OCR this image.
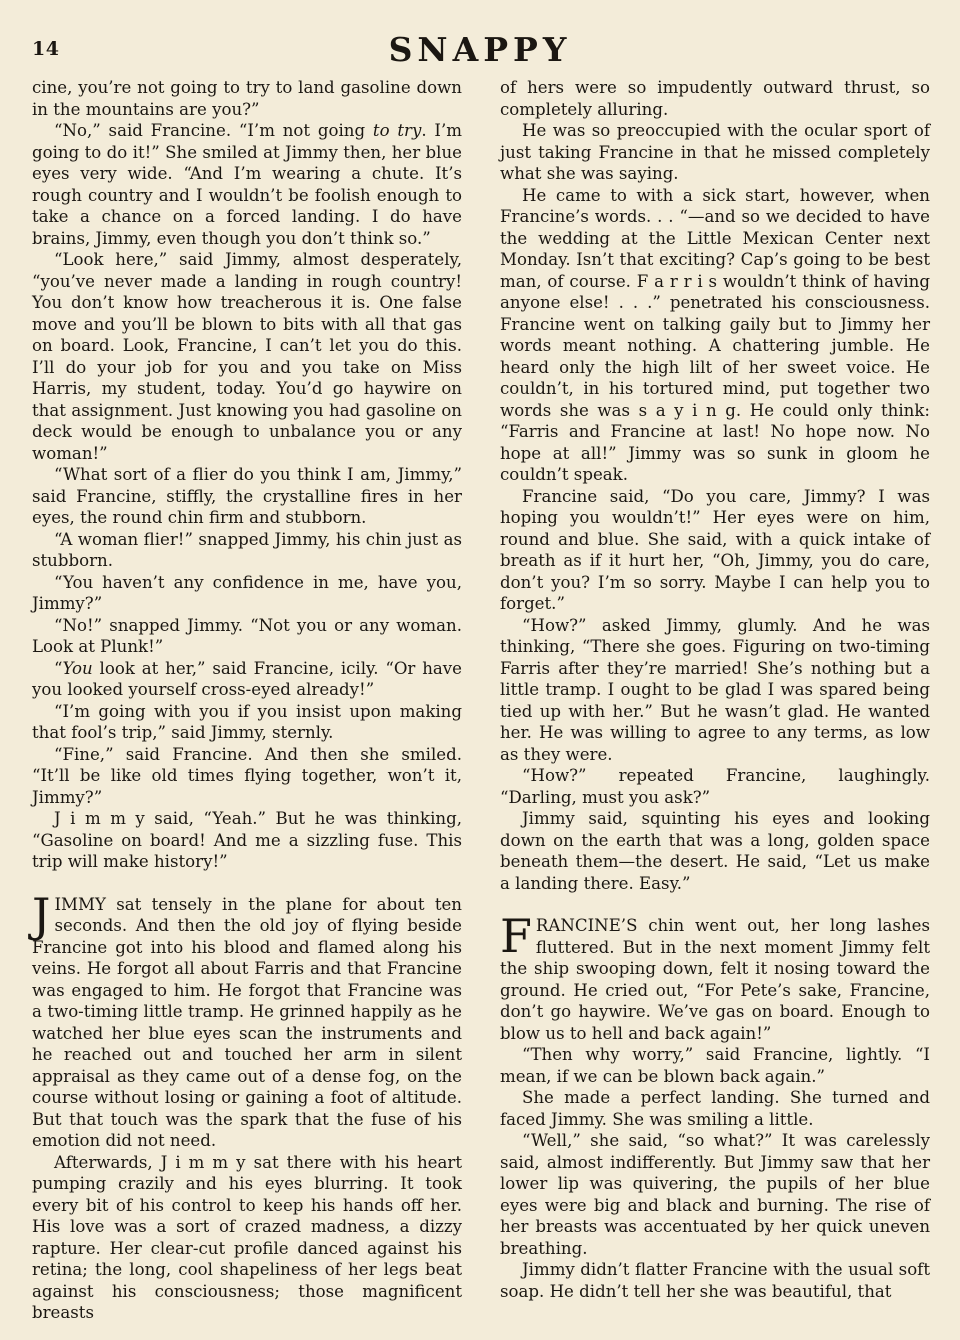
14	SNAPPY

cine, you’re not going to try to land gasoline down in the mountains are you?”

“No,” said Francine. “I’m not going to try. I’m going to do it!” She smiled at Jimmy then, her blue eyes very wide. “And I’m wearing a chute. It’s rough country and I wouldn’t be foolish enough to take a chance on a forced landing. I do have brains, Jimmy, even though you don’t think so.”

“Look here,” said Jimmy, almost desperately, “you’ve never made a landing in rough country! You don’t know how treacherous it is. One false move and you’ll be blown to bits with all that gas on board. Look, Francine, I can’t let you do this. I’ll do your job for you and you take on Miss Harris, my student, today. You’d go haywire on that assignment. Just knowing you had gasoline on deck would be enough to unbalance you or any woman!”

“What sort of a flier do you think I am, Jimmy,” said Francine, stiffly, the crystalline fires in her eyes, the round chin firm and stubborn.

“A woman flier!” snapped Jimmy, his chin just as stubborn.

“You haven’t any confidence in me, have you, Jimmy?”

“No!” snapped Jimmy. “Not you or any woman. Look at Plunk!”

“You look at her,” said Francine, icily. “Or have you looked yourself cross-eyed already!”

“I’m going with you if you insist upon making that fool’s trip,” said Jimmy, sternly.

“Fine,” said Francine. And then she smiled. “It’ll be like old times flying together, won’t it, Jimmy?”

J i m m y said, “Yeah.” But he was thinking, “Gasoline on board! And me a sizzling fuse. This trip will make history!”

JIMMY sat tensely in the plane for about ten seconds. And then the old joy of flying beside Francine got into his blood and flamed along his veins. He forgot all about Farris and that Francine was engaged to him. He forgot that Francine was a two-timing little tramp. He grinned happily as he watched her blue eyes scan the instruments and he reached out and touched her arm in silent appraisal as they came out of a dense fog, on the course without losing or gaining a foot of altitude. But that touch was the spark that the fuse of his emotion did not need.

Afterwards, J i m m y sat there with his heart pumping crazily and his eyes blurring. It took every bit of his control to keep his hands off her. His love was a sort of crazed madness, a dizzy rapture. Her clear-cut profile danced against his retina; the long, cool shapeliness of her legs beat against his consciousness; those magnificent breasts

of hers were so impudently outward thrust, so completely alluring.

He was so preoccupied with the ocular sport of just taking Francine in that he missed completely what she was saying.

He came to with a sick start, however, when Francine’s words. . . “—and so we decided to have the wedding at the Little Mexican Center next Monday. Isn’t that exciting? Cap’s going to be best man, of course. F a r r i s wouldn’t think of having anyone else! . . .” penetrated his consciousness. Francine went on talking gaily but to Jimmy her words meant nothing. A chattering jumble. He heard only the high lilt of her sweet voice. He couldn’t, in his tortured mind, put together two words she was s a y i n g. He could only think: “Farris and Francine at last! No hope now. No hope at all!” Jimmy was so sunk in gloom he couldn’t speak.

Francine said, “Do you care, Jimmy? I was hoping you wouldn’t!” Her eyes were on him, round and blue. She said, with a quick intake of breath as if it hurt her, “Oh, Jimmy, you do care, don’t you? I’m so sorry. Maybe I can help you to forget.”

“How?” asked Jimmy, glumly. And he was thinking, “There she goes. Figuring on two-timing Farris after they’re married! She’s nothing but a little tramp. I ought to be glad I was spared being tied up with her.” But he wasn’t glad. He wanted her. He was willing to agree to any terms, as low as they were.

“How?” repeated Francine, laughingly. “Darling, must you ask?”

Jimmy said, squinting his eyes and looking down on the earth that was a long, golden space beneath them—the desert. He said, “Let us make a landing there. Easy.”

FRANCINE’S chin went out, her long lashes fluttered. But in the next moment Jimmy felt the ship swooping down, felt it nosing toward the ground. He cried out, “For Pete’s sake, Francine, don’t go haywire. We’ve gas on board. Enough to blow us to hell and back again!”

“Then why worry,” said Francine, lightly. “I mean, if we can be blown back again.”

She made a perfect landing. She turned and faced Jimmy. She was smiling a little.

“Well,” she said, “so what?” It was carelessly said, almost indifferently. But Jimmy saw that her lower lip was quivering, the pupils of her blue eyes were big and black and burning. The rise of her breasts was accentuated by her quick uneven breathing.

Jimmy didn’t flatter Francine with the usual soft soap. He didn’t tell her she was beautiful, that
